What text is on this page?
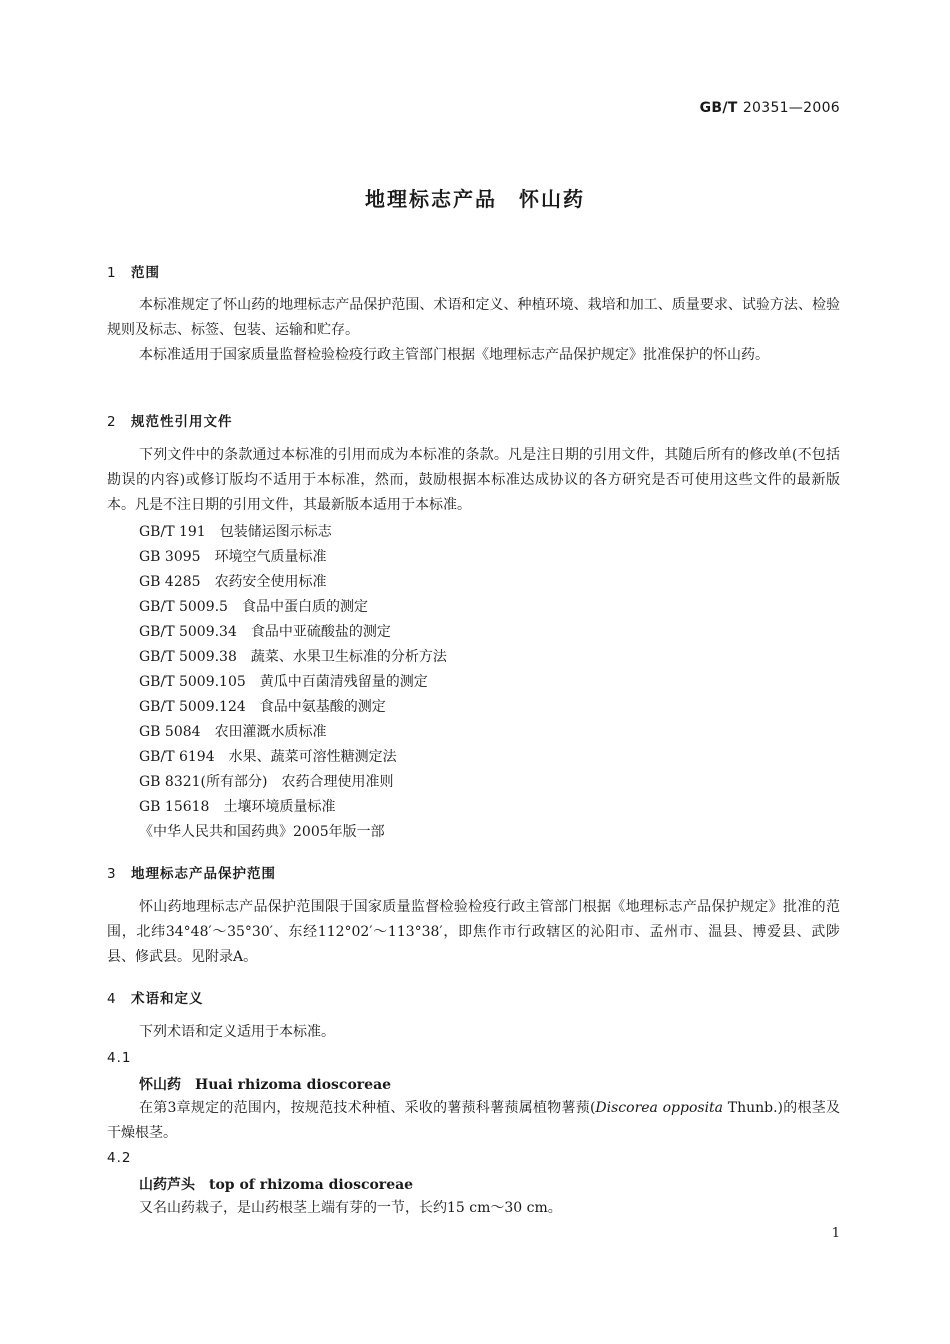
GB/T 20351—2006
地理标志产品　怀山药
1 范围
本标准规定了怀山药的地理标志产品保护范围、术语和定义、种植环境、栽培和加工、质量要求、试验方法、检验规则及标志、标签、包装、运输和贮存。
本标准适用于国家质量监督检验检疫行政主管部门根据《地理标志产品保护规定》批准保护的怀山药。
2 规范性引用文件
下列文件中的条款通过本标准的引用而成为本标准的条款。凡是注日期的引用文件，其随后所有的修改单(不包括勘误的内容)或修订版均不适用于本标准，然而，鼓励根据本标准达成协议的各方研究是否可使用这些文件的最新版本。凡是不注日期的引用文件，其最新版本适用于本标准。
GB/T 191 包装储运图示标志
GB 3095 环境空气质量标准
GB 4285 农药安全使用标准
GB/T 5009.5 食品中蛋白质的测定
GB/T 5009.34 食品中亚硫酸盐的测定
GB/T 5009.38 蔬菜、水果卫生标准的分析方法
GB/T 5009.105 黄瓜中百菌清残留量的测定
GB/T 5009.124 食品中氨基酸的测定
GB 5084 农田灌溉水质标准
GB/T 6194 水果、蔬菜可溶性糖测定法
GB 8321(所有部分) 农药合理使用准则
GB 15618 土壤环境质量标准
《中华人民共和国药典》2005年版一部
3 地理标志产品保护范围
怀山药地理标志产品保护范围限于国家质量监督检验检疫行政主管部门根据《地理标志产品保护规定》批准的范围，北纬34°48′～35°30′、东经112°02′～113°38′，即焦作市行政辖区的沁阳市、孟州市、温县、博爱县、武陟县、修武县。见附录A。
4 术语和定义
下列术语和定义适用于本标准。
4.1
怀山药 Huai rhizoma dioscoreae
在第3章规定的范围内，按规范技术种植、采收的薯蓣科薯蓣属植物薯蓣(Discorea opposita Thunb.)的根茎及干燥根茎。
4.2
山药芦头 top of rhizoma dioscoreae
又名山药栽子，是山药根茎上端有芽的一节，长约15 cm～30 cm。
1
